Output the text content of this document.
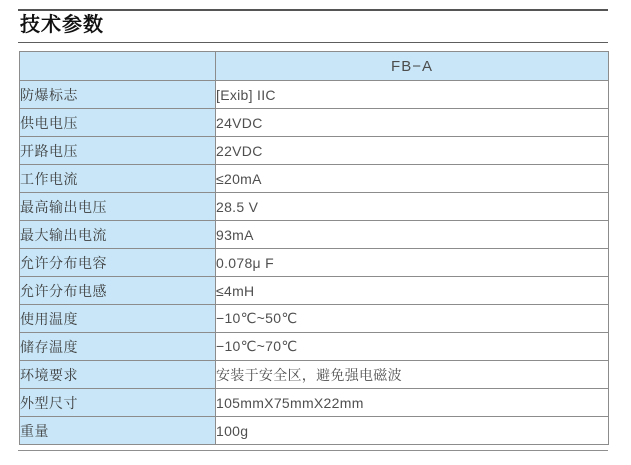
技术参数
	FB−A
防爆标志	[Exib] IIC
供电电压	24VDC
开路电压	22VDC
工作电流	≤20mA
最高输出电压	28.5 V
最大输出电流	93mA
允许分布电容	0.078μ F
允许分布电感	≤4mH
使用温度	−10℃~50℃
储存温度	−10℃~70℃
环境要求	安装于安全区，避免强电磁波
外型尺寸	105mmX75mmX22mm
重量	100g
